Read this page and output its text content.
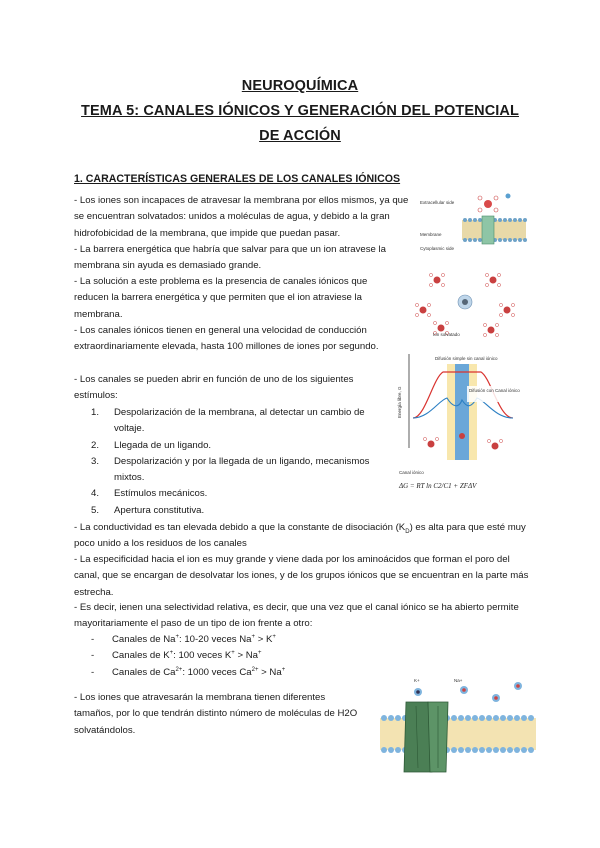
NEUROQUÍMICA
TEMA 5: CANALES IÓNICOS Y GENERACIÓN DEL POTENCIAL
DE ACCIÓN
1. CARACTERÍSTICAS GENERALES DE LOS CANALES IÓNICOS

- Los iones son incapaces de atravesar la membrana por ellos mismos, ya que se encuentran solvatados: unidos a moléculas de agua, y debido a la gran hidrofobicidad de la membrana, que impide que puedan pasar.

- La barrera energética que habría que salvar para que un ion atravese la membrana sin ayuda es demasiado grande.

- La solución a este problema es la presencia de canales iónicos que reducen la barrera energética y que permiten que el ion atraviese la membrana.

- Los canales iónicos tienen en general una velocidad de conducción extraordinariamente elevada, hasta 100 millones de iones por segundo.

- Los canales se pueden abrir en función de uno de los siguientes estímulos:

1. Despolarización de la membrana, al detectar un cambio de voltaje.
2. Llegada de un ligando.
3. Despolarización y por la llegada de un ligando, mecanismos mixtos.
4. Estímulos mecánicos.
5. Apertura constitutiva.

- La conductividad es tan elevada debido a que la constante de disociación $(K_D)$ es alta para que esté muy poco unido a los residuos de los canales

- La especificidad hacia el ion es muy grande y viene dada por los aminoácidos que forman el poro del canal, que se encargan de desolvatar los iones, y de los grupos iónicos que se encuentran en la parte más estrecha.

- Es decir, ienen una selectividad relativa, es decir, que una vez que el canal iónico se ha abierto permite mayoritariamente el paso de un tipo de ion frente a otro:

- Canales de Na+: 10-20 veces Na+ > K+
- Canales de K+: 100 veces K+ > Na+
- Canales de $Ca^{2+}$: 1000 veces $Ca^{2+} > Na^+$

- Los iones que atravesarán la membrana tienen diferentes tamaños, por lo que tendrán distinto número de moléculas de H2O solvatándolos.

Extracellular side
Membrane
Cytoplasmic side
Ion solvatado
Difusión simple sin canal iónico
Energía libre, G	Difusión con Canal iónico
Canal iónico
ΔG = RT ln C2/C1 + ZFΔV
K+	Na+
